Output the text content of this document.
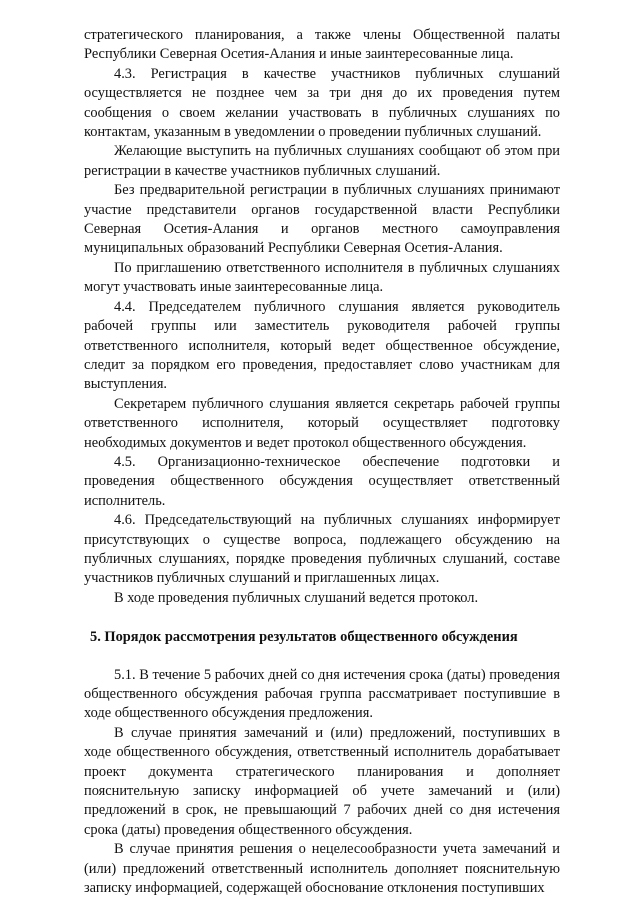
стратегического планирования, а также члены Общественной палаты Республики Северная Осетия-Алания и иные заинтересованные лица.

4.3. Регистрация в качестве участников публичных слушаний осуществляется не позднее чем за три дня до их проведения путем сообщения о своем желании участвовать в публичных слушаниях по контактам, указанным в уведомлении о проведении публичных слушаний.

Желающие выступить на публичных слушаниях сообщают об этом при регистрации в качестве участников публичных слушаний.

Без предварительной регистрации в публичных слушаниях принимают участие представители органов государственной власти Республики Северная Осетия-Алания и органов местного самоуправления муниципальных образований Республики Северная Осетия-Алания.

По приглашению ответственного исполнителя в публичных слушаниях могут участвовать иные заинтересованные лица.

4.4. Председателем публичного слушания является руководитель рабочей группы или заместитель руководителя рабочей группы ответственного исполнителя, который ведет общественное обсуждение, следит за порядком его проведения, предоставляет слово участникам для выступления.

Секретарем публичного слушания является секретарь рабочей группы ответственного исполнителя, который осуществляет подготовку необходимых документов и ведет протокол общественного обсуждения.

4.5. Организационно-техническое обеспечение подготовки и проведения общественного обсуждения осуществляет ответственный исполнитель.

4.6. Председательствующий на публичных слушаниях информирует присутствующих о существе вопроса, подлежащего обсуждению на публичных слушаниях, порядке проведения публичных слушаний, составе участников публичных слушаний и приглашенных лицах.

В ходе проведения публичных слушаний ведется протокол.

5. Порядок рассмотрения результатов общественного обсуждения

5.1. В течение 5 рабочих дней со дня истечения срока (даты) проведения общественного обсуждения рабочая группа рассматривает поступившие в ходе общественного обсуждения предложения.

В случае принятия замечаний и (или) предложений, поступивших в ходе общественного обсуждения, ответственный исполнитель дорабатывает проект документа стратегического планирования и дополняет пояснительную записку информацией об учете замечаний и (или) предложений в срок, не превышающий 7 рабочих дней со дня истечения срока (даты) проведения общественного обсуждения.

В случае принятия решения о нецелесообразности учета замечаний и (или) предложений ответственный исполнитель дополняет пояснительную записку информацией, содержащей обоснование отклонения поступивших
